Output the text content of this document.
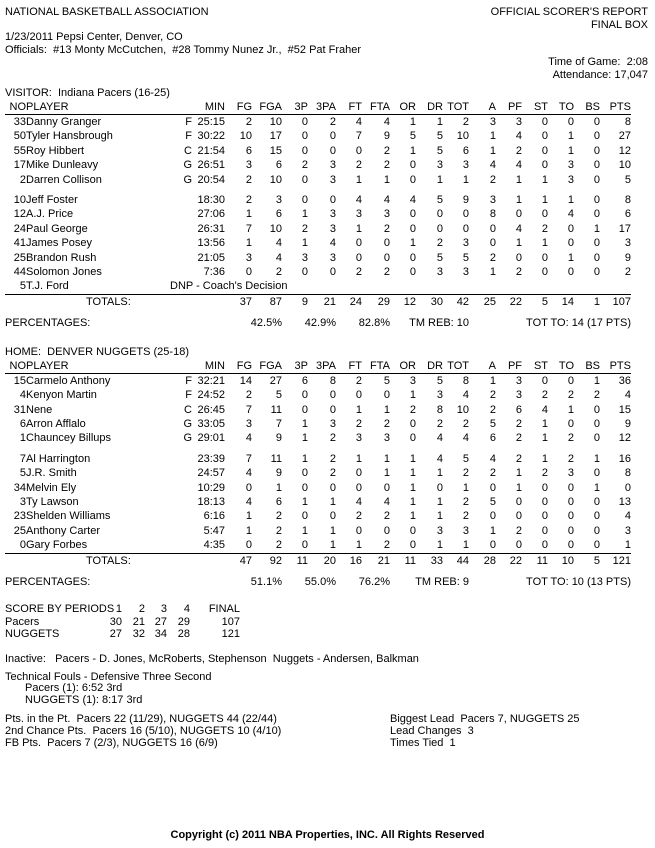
NATIONAL BASKETBALL ASSOCIATION	OFFICIAL SCORER'S REPORT
FINAL BOX
1/23/2011 Pepsi Center, Denver, CO
Officials:  #13 Monty McCutchen,  #28 Tommy Nunez Jr.,  #52 Pat Fraher
Time of Game:  2:08
Attendance: 17,047
VISITOR:  Indiana Pacers (16-25)
NO	PLAYER		MIN	FG	FGA	3P	3PA	FT	FTA	OR	DR	TOT	A	PF	ST	TO	BS	PTS
33	Danny Granger	F	25:15	2	10	0	2	4	4	1	1	2	3	3	0	0	0	8
50	Tyler Hansbrough	F	30:22	10	17	0	0	7	9	5	5	10	1	4	0	1	0	27
55	Roy Hibbert	C	21:54	6	15	0	0	0	2	1	5	6	1	2	0	1	0	12
17	Mike Dunleavy	G	26:51	3	6	2	3	2	2	0	3	3	4	4	0	3	0	10
2	Darren Collison	G	20:54	2	10	0	3	1	1	0	1	1	2	1	1	3	0	5

10	Jeff Foster		18:30	2	3	0	0	4	4	4	5	9	3	1	1	1	0	8
12	A.J. Price		27:06	1	6	1	3	3	3	0	0	0	8	0	0	4	0	6
24	Paul George		26:31	7	10	2	3	1	2	0	0	0	0	4	2	0	1	17
41	James Posey		13:56	1	4	1	4	0	0	1	2	3	0	1	1	0	0	3
25	Brandon Rush		21:05	3	4	3	3	0	0	0	5	5	2	0	0	1	0	9
44	Solomon Jones		7:36	0	2	0	0	2	2	0	3	3	1	2	0	0	0	2
5	T.J. Ford	DNP - Coach's Decision																
	TOTALS:			37	87	9	21	24	29	12	30	42	25	22	5	14	1	107

PERCENTAGES:			42.5%			42.9%		82.8%		TM REB: 10			TOT TO: 14 (17 PTS)					
HOME:  DENVER NUGGETS (25-18)
NO	PLAYER		MIN	FG	FGA	3P	3PA	FT	FTA	OR	DR	TOT	A	PF	ST	TO	BS	PTS
15	Carmelo Anthony	F	32:21	14	27	6	8	2	5	3	5	8	1	3	0	0	1	36
4	Kenyon Martin	F	24:52	2	5	0	0	0	0	1	3	4	2	3	2	2	2	4
31	Nene	C	26:45	7	11	0	0	1	1	2	8	10	2	6	4	1	0	15
6	Arron Afflalo	G	33:05	3	7	1	3	2	2	0	2	2	5	2	1	0	0	9
1	Chauncey Billups	G	29:01	4	9	1	2	3	3	0	4	4	6	2	1	2	0	12

7	Al Harrington		23:39	7	11	1	2	1	1	1	4	5	4	2	1	2	1	16
5	J.R. Smith		24:57	4	9	0	2	0	1	1	1	2	2	1	2	3	0	8
34	Melvin Ely		10:29	0	1	0	0	0	0	1	0	1	0	1	0	0	1	0
3	Ty Lawson		18:13	4	6	1	1	4	4	1	1	2	5	0	0	0	0	13
23	Shelden Williams		6:16	1	2	0	0	2	2	1	1	2	0	0	0	0	0	4
25	Anthony Carter		5:47	1	2	1	1	0	0	0	3	3	1	2	0	0	0	3
0	Gary Forbes		4:35	0	2	0	1	1	2	0	1	1	0	0	0	0	0	1
	TOTALS:			47	92	11	20	16	21	11	33	44	28	22	11	10	5	121

PERCENTAGES:			51.1%			55.0%		76.2%		TM REB: 9			TOT TO: 10 (13 PTS)					
SCORE BY PERIODS	1	2	3	4	FINAL
Pacers	30	21	27	29	107
NUGGETS	27	32	34	28	121
Inactive:   Pacers - D. Jones, McRoberts, Stephenson  Nuggets - Andersen, Balkman
Technical Fouls - Defensive Three Second
Pacers (1): 6:52 3rd
NUGGETS (1): 8:17 3rd
Pts. in the Pt.  Pacers 22 (11/29), NUGGETS 44 (22/44)
2nd Chance Pts.  Pacers 16 (5/10), NUGGETS 10 (4/10)
FB Pts.  Pacers 7 (2/3), NUGGETS 16 (6/9)
Biggest Lead  Pacers 7, NUGGETS 25
Lead Changes  3
Times Tied  1
Copyright (c) 2011 NBA Properties, INC. All Rights Reserved
